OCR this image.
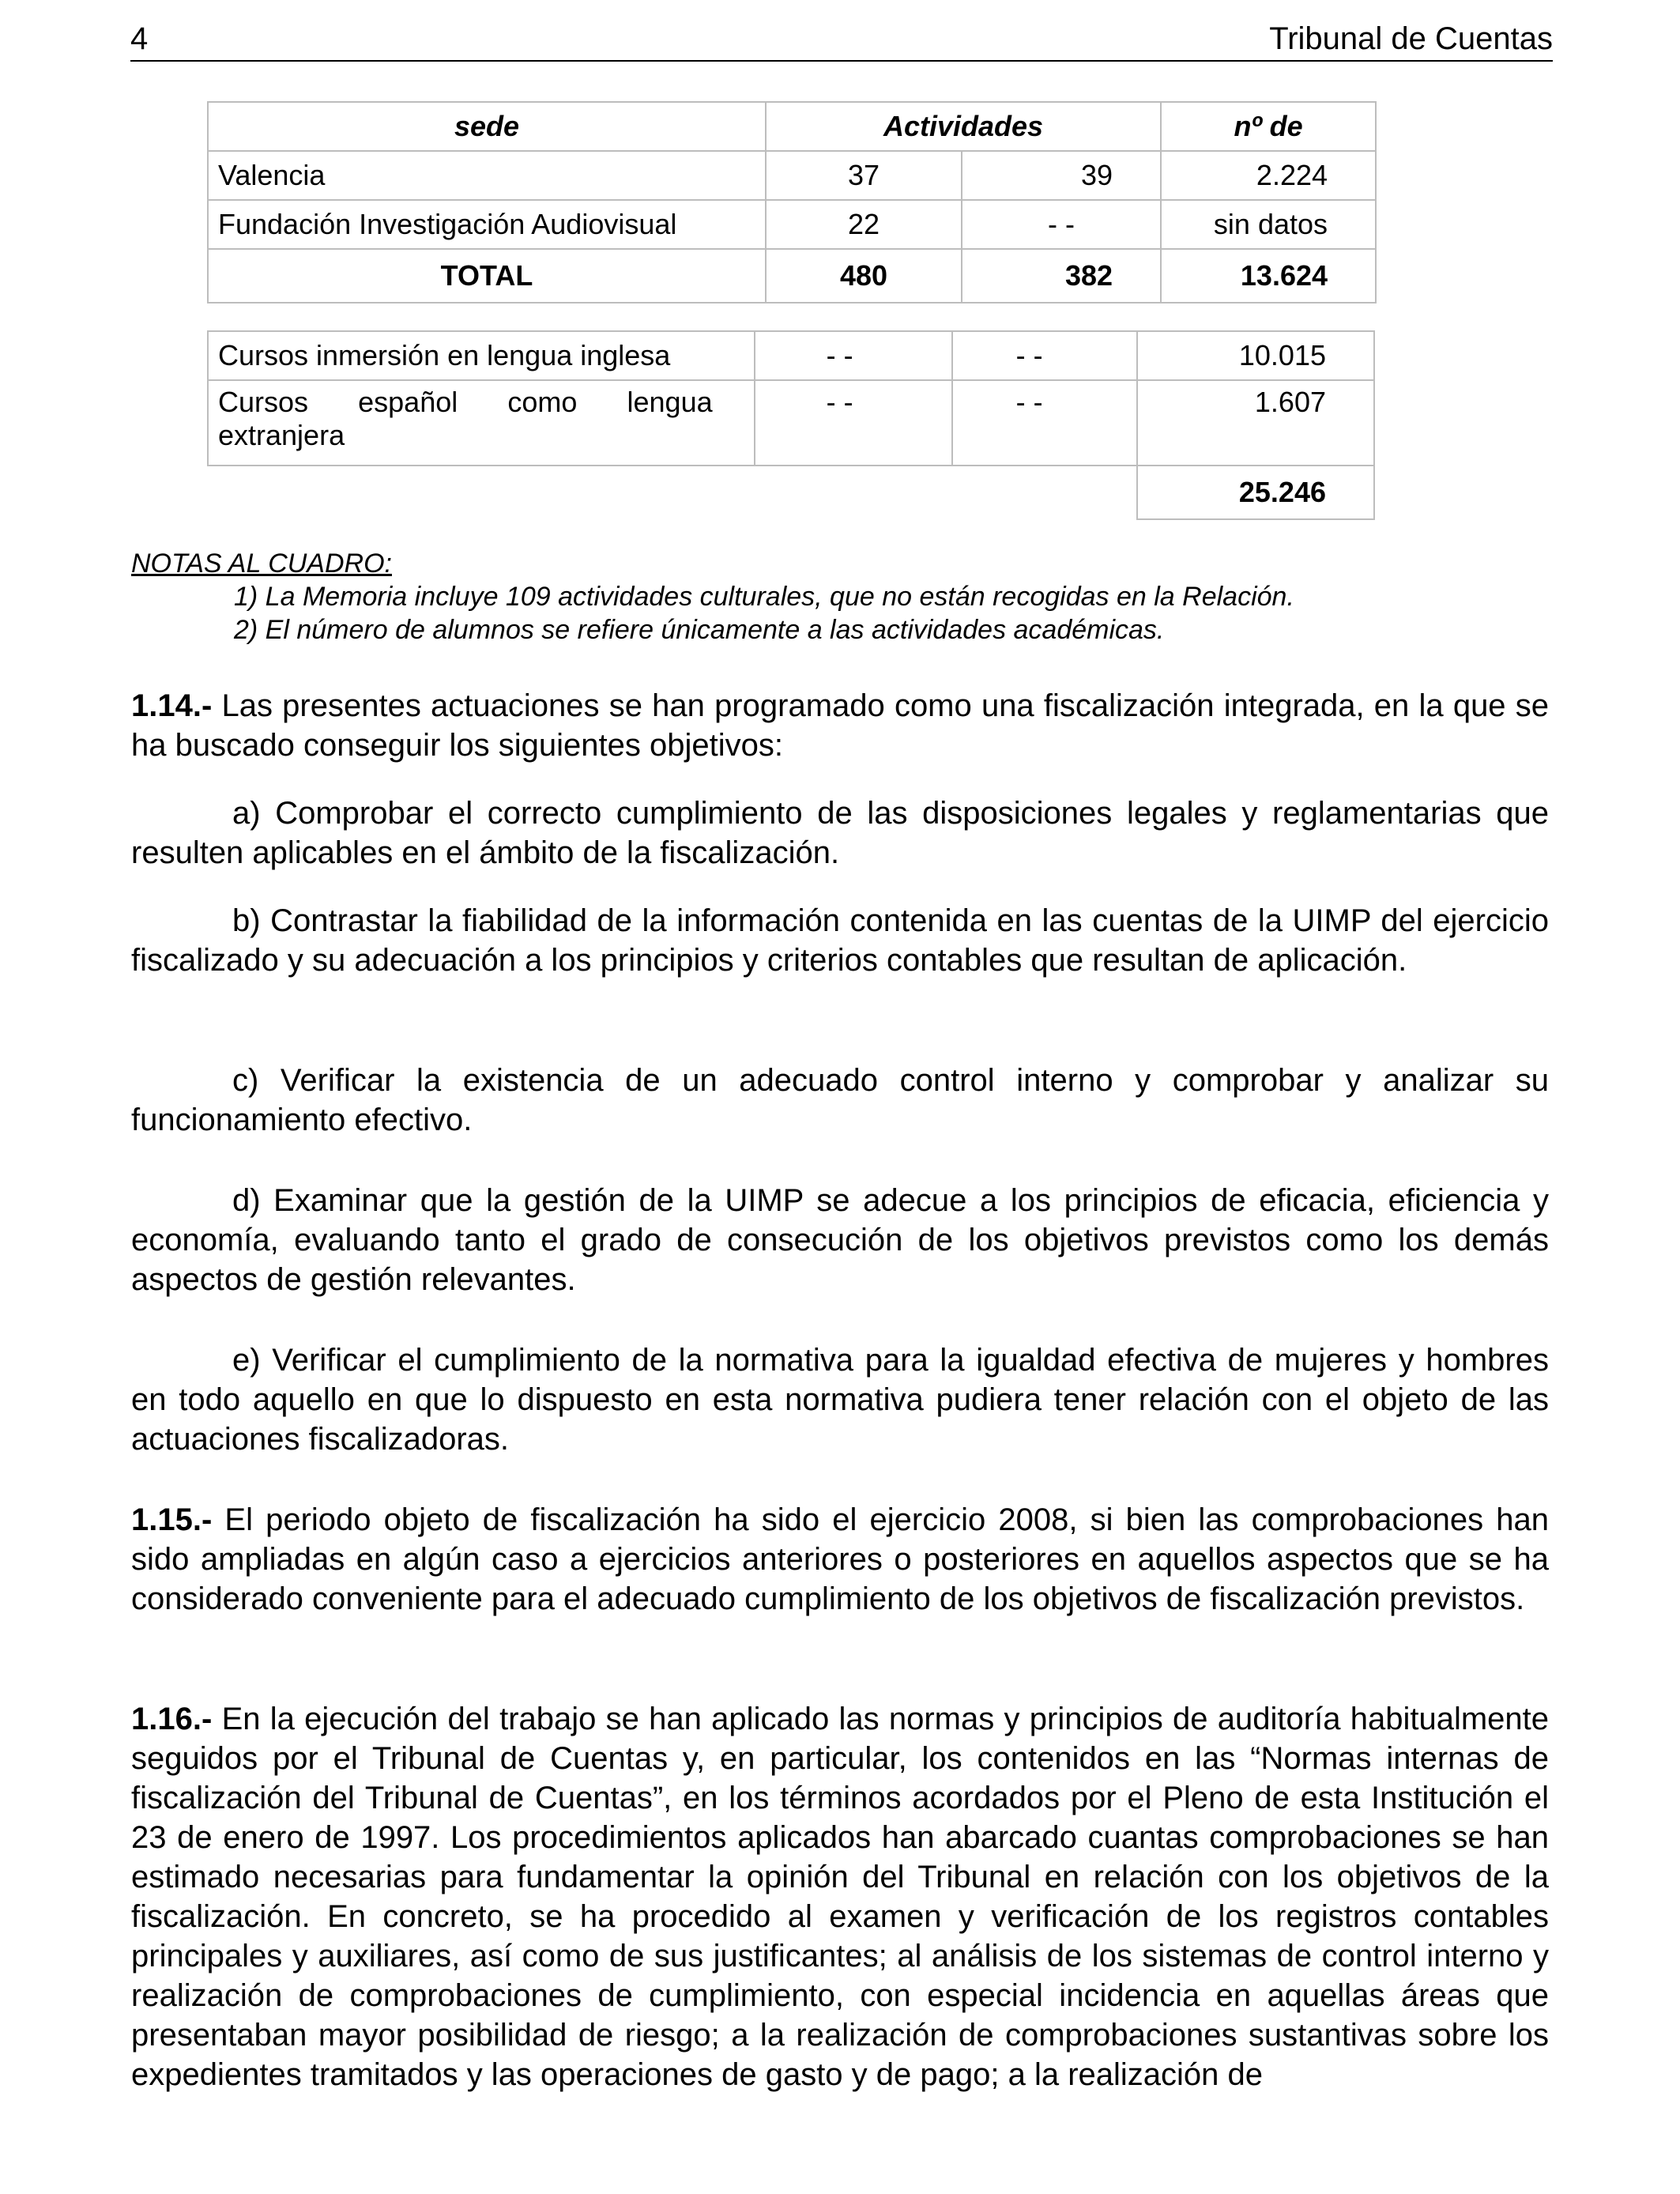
4	Tribunal de Cuentas
sede	Actividades		nº de
Valencia	37	39	2.224
Fundación Investigación Audiovisual	22	- -	sin datos
TOTAL	480	382	13.624
Cursos inmersión en lengua inglesa	- -	- -	10.015
Cursos español como lengua extranjera	- -	- -	1.607
			25.246
NOTAS AL CUADRO:
1) La Memoria incluye 109 actividades culturales, que no están recogidas en la Relación.
2) El número de alumnos se refiere únicamente a las actividades académicas.
1.14.- Las presentes actuaciones se han programado como una fiscalización integrada, en la que se ha buscado conseguir los siguientes objetivos:
a) Comprobar el correcto cumplimiento de las disposiciones legales y reglamentarias que resulten aplicables en el ámbito de la fiscalización.
b) Contrastar la fiabilidad de la información contenida en las cuentas de la UIMP del ejercicio fiscalizado y su adecuación a los principios y criterios contables que resultan de aplicación.
c) Verificar la existencia de un adecuado control interno y comprobar y analizar su funcionamiento efectivo.
d) Examinar que la gestión de la UIMP se adecue a los principios de eficacia, eficiencia y economía, evaluando tanto el grado de consecución de los objetivos previstos como los demás aspectos de gestión relevantes.
e) Verificar el cumplimiento de la normativa para la igualdad efectiva de mujeres y hombres en todo aquello en que lo dispuesto en esta normativa pudiera tener relación con el objeto de las actuaciones fiscalizadoras.
1.15.- El periodo objeto de fiscalización ha sido el ejercicio 2008, si bien las comprobaciones han sido ampliadas en algún caso a ejercicios anteriores o posteriores en aquellos aspectos que se ha considerado conveniente para el adecuado cumplimiento de los objetivos de fiscalización previstos.
1.16.- En la ejecución del trabajo se han aplicado las normas y principios de auditoría habitualmente seguidos por el Tribunal de Cuentas y, en particular, los contenidos en las “Normas internas de fiscalización del Tribunal de Cuentas”, en los términos acordados por el Pleno de esta Institución el 23 de enero de 1997. Los procedimientos aplicados han abarcado cuantas comprobaciones se han estimado necesarias para fundamentar la opinión del Tribunal en relación con los objetivos de la fiscalización. En concreto, se ha procedido al examen y verificación de los registros contables principales y auxiliares, así como de sus justificantes; al análisis de los sistemas de control interno y realización de comprobaciones de cumplimiento, con especial incidencia en aquellas áreas que presentaban mayor posibilidad de riesgo; a la realización de comprobaciones sustantivas sobre los expedientes tramitados y las operaciones de gasto y de pago; a la realización de
